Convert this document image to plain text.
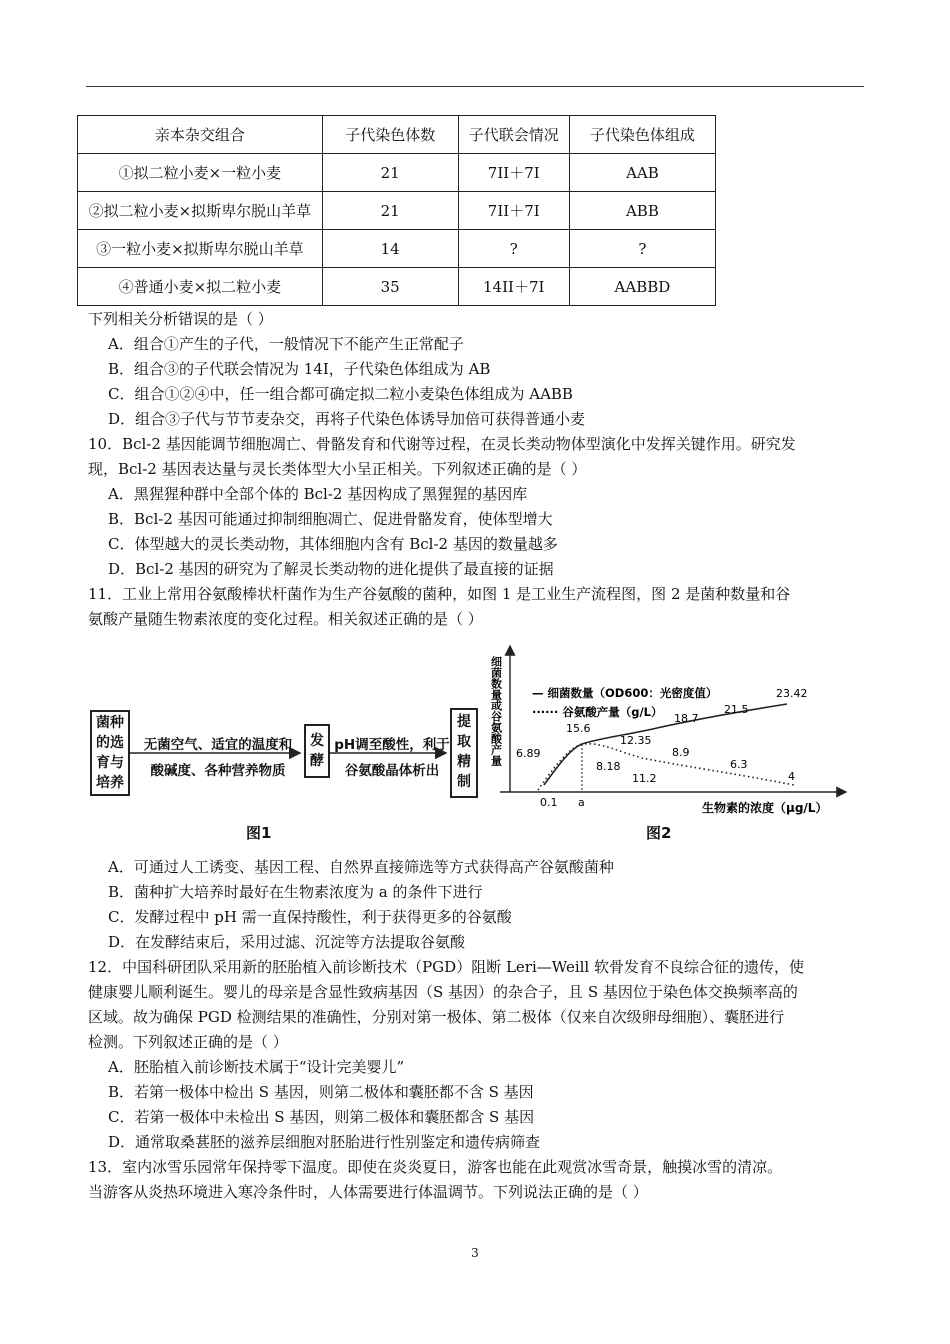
亲本杂交组合	子代染色体数	子代联会情况	子代染色体组成
①拟二粒小麦×一粒小麦	21	7II＋7I	AAB
②拟二粒小麦×拟斯卑尔脱山羊草	21	7II＋7I	ABB
③一粒小麦×拟斯卑尔脱山羊草	14	?	?
④普通小麦×拟二粒小麦	35	14II＋7I	AABBD
下列相关分析错误的是（ ）
A．组合①产生的子代，一般情况下不能产生正常配子
B．组合③的子代联会情况为 14I，子代染色体组成为 AB
C．组合①②④中，任一组合都可确定拟二粒小麦染色体组成为 AABB
D．组合③子代与节节麦杂交，再将子代染色体诱导加倍可获得普通小麦
10．Bcl-2 基因能调节细胞凋亡、骨骼发育和代谢等过程，在灵长类动物体型演化中发挥关键作用。研究发
现，Bcl-2 基因表达量与灵长类体型大小呈正相关。下列叙述正确的是（ ）
A．黑猩猩种群中全部个体的 Bcl-2 基因构成了黑猩猩的基因库
B．Bcl-2 基因可能通过抑制细胞凋亡、促进骨骼发育，使体型增大
C．体型越大的灵长类动物，其体细胞内含有 Bcl-2 基因的数量越多
D．Bcl-2 基因的研究为了解灵长类动物的进化提供了最直接的证据
11．工业上常用谷氨酸棒状杆菌作为生产谷氨酸的菌种，如图 1 是工业生产流程图，图 2 是菌种数量和谷
氨酸产量随生物素浓度的变化过程。相关叙述正确的是（ ）
菌种的选育与培养
无菌空气、适宜的温度和
酸碱度、各种营养物质
发酵
pH调至酸性，利于
谷氨酸晶体析出
提取精制
图1	图2
细菌数量或谷氨酸产量
生物素的浓度（μg/L）
— 细菌数量（OD600：光密度值）
······ 谷氨酸产量（g/L）
0.1 a
6.89
8.18
12.35
18.7
21.5
23.42
15.6
11.2
8.9
6.3
4
A．可通过人工诱变、基因工程、自然界直接筛选等方式获得高产谷氨酸菌种
B．菌种扩大培养时最好在生物素浓度为 a 的条件下进行
C．发酵过程中 pH 需一直保持酸性，利于获得更多的谷氨酸
D．在发酵结束后，采用过滤、沉淀等方法提取谷氨酸
12．中国科研团队采用新的胚胎植入前诊断技术（PGD）阻断 Leri—Weill 软骨发育不良综合征的遗传，使
健康婴儿顺利诞生。婴儿的母亲是含显性致病基因（S 基因）的杂合子，且 S 基因位于染色体交换频率高的
区域。故为确保 PGD 检测结果的准确性，分别对第一极体、第二极体（仅来自次级卵母细胞）、囊胚进行
检测。下列叙述正确的是（ ）
A．胚胎植入前诊断技术属于“设计完美婴儿”
B．若第一极体中检出 S 基因，则第二极体和囊胚都不含 S 基因
C．若第一极体中未检出 S 基因，则第二极体和囊胚都含 S 基因
D．通常取桑葚胚的滋养层细胞对胚胎进行性别鉴定和遗传病筛查
13．室内冰雪乐园常年保持零下温度。即使在炎炎夏日，游客也能在此观赏冰雪奇景，触摸冰雪的清凉。
当游客从炎热环境进入寒冷条件时，人体需要进行体温调节。下列说法正确的是（ ）
3
